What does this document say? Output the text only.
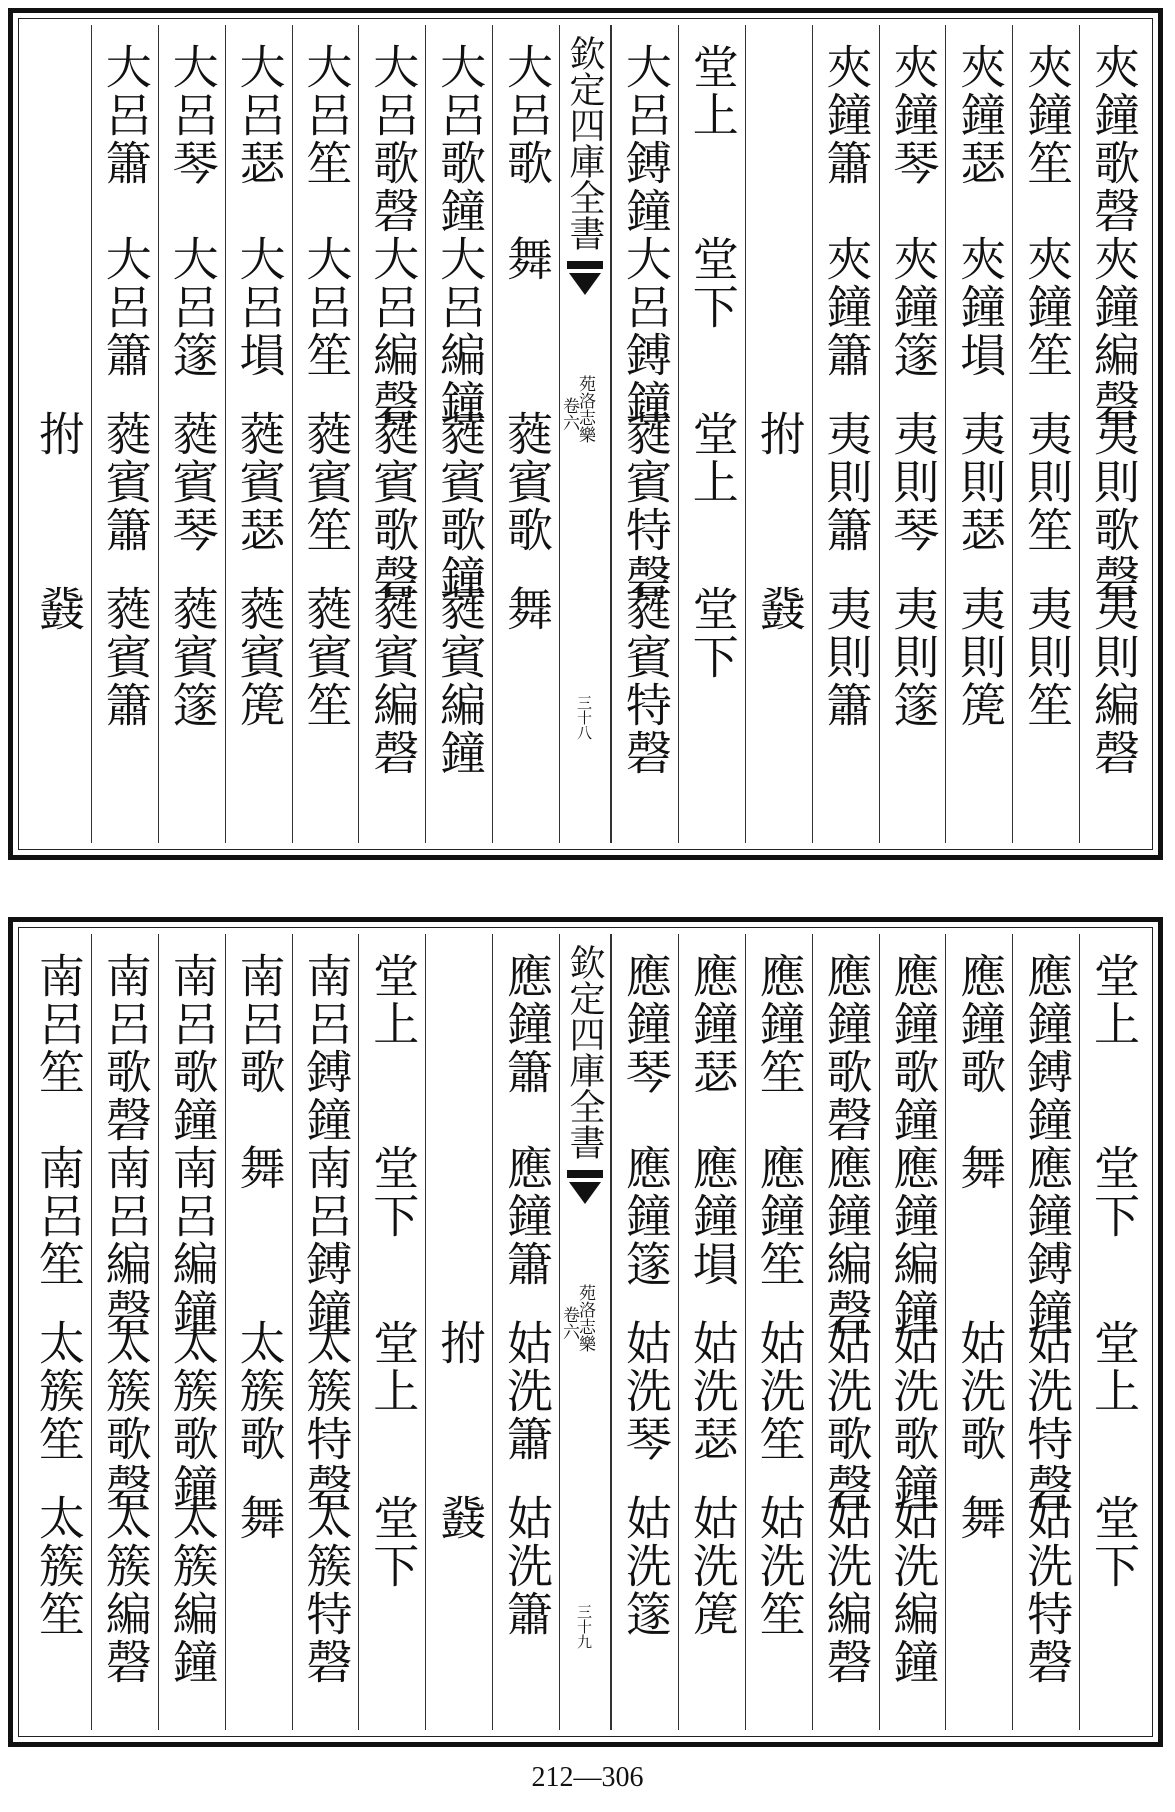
夾鐘歌磬
夾鐘編磬
夷則歌磬
夷則編磬
夾鐘笙
夾鐘笙
夷則笙
夷則笙
夾鐘瑟
夾鐘塤
夷則瑟
夷則箎
夾鐘琴
夾鐘篴
夷則琴
夷則篴
夾鐘簫
夾鐘簫
夷則簫
夷則簫
拊
鼗
堂上
堂下
堂上
堂下
大呂鎛鐘
大呂鎛鐘
蕤賓特磬
蕤賓特磬
欽定四庫全書
苑洛志樂
卷六
三十八
大呂歌
舞
蕤賓歌
舞
大呂歌鐘
大呂編鐘
蕤賓歌鐘
蕤賓編鐘
大呂歌磬
大呂編磬
蕤賓歌磬
蕤賓編磬
大呂笙
大呂笙
蕤賓笙
蕤賓笙
大呂瑟
大呂塤
蕤賓瑟
蕤賓箎
大呂琴
大呂篴
蕤賓琴
蕤賓篴
大呂簫
大呂簫
蕤賓簫
蕤賓簫
拊
鼗
堂上
堂下
堂上
堂下
應鐘鎛鐘
應鐘鎛鐘
姑洗特磬
姑洗特磬
應鐘歌
舞
姑洗歌
舞
應鐘歌鐘
應鐘編鐘
姑洗歌鐘
姑洗編鐘
應鐘歌磬
應鐘編磬
姑洗歌磬
姑洗編磬
應鐘笙
應鐘笙
姑洗笙
姑洗笙
應鐘瑟
應鐘塤
姑洗瑟
姑洗箎
應鐘琴
應鐘篴
姑洗琴
姑洗篴
欽定四庫全書
苑洛志樂
卷六
三十九
應鐘簫
應鐘簫
姑洗簫
姑洗簫
拊
鼗
堂上
堂下
堂上
堂下
南呂鎛鐘
南呂鎛鐘
太簇特磬
太簇特磬
南呂歌
舞
太簇歌
舞
南呂歌鐘
南呂編鐘
太簇歌鐘
太簇編鐘
南呂歌磬
南呂編磬
太簇歌磬
太簇編磬
南呂笙
南呂笙
太簇笙
太簇笙
212—306
